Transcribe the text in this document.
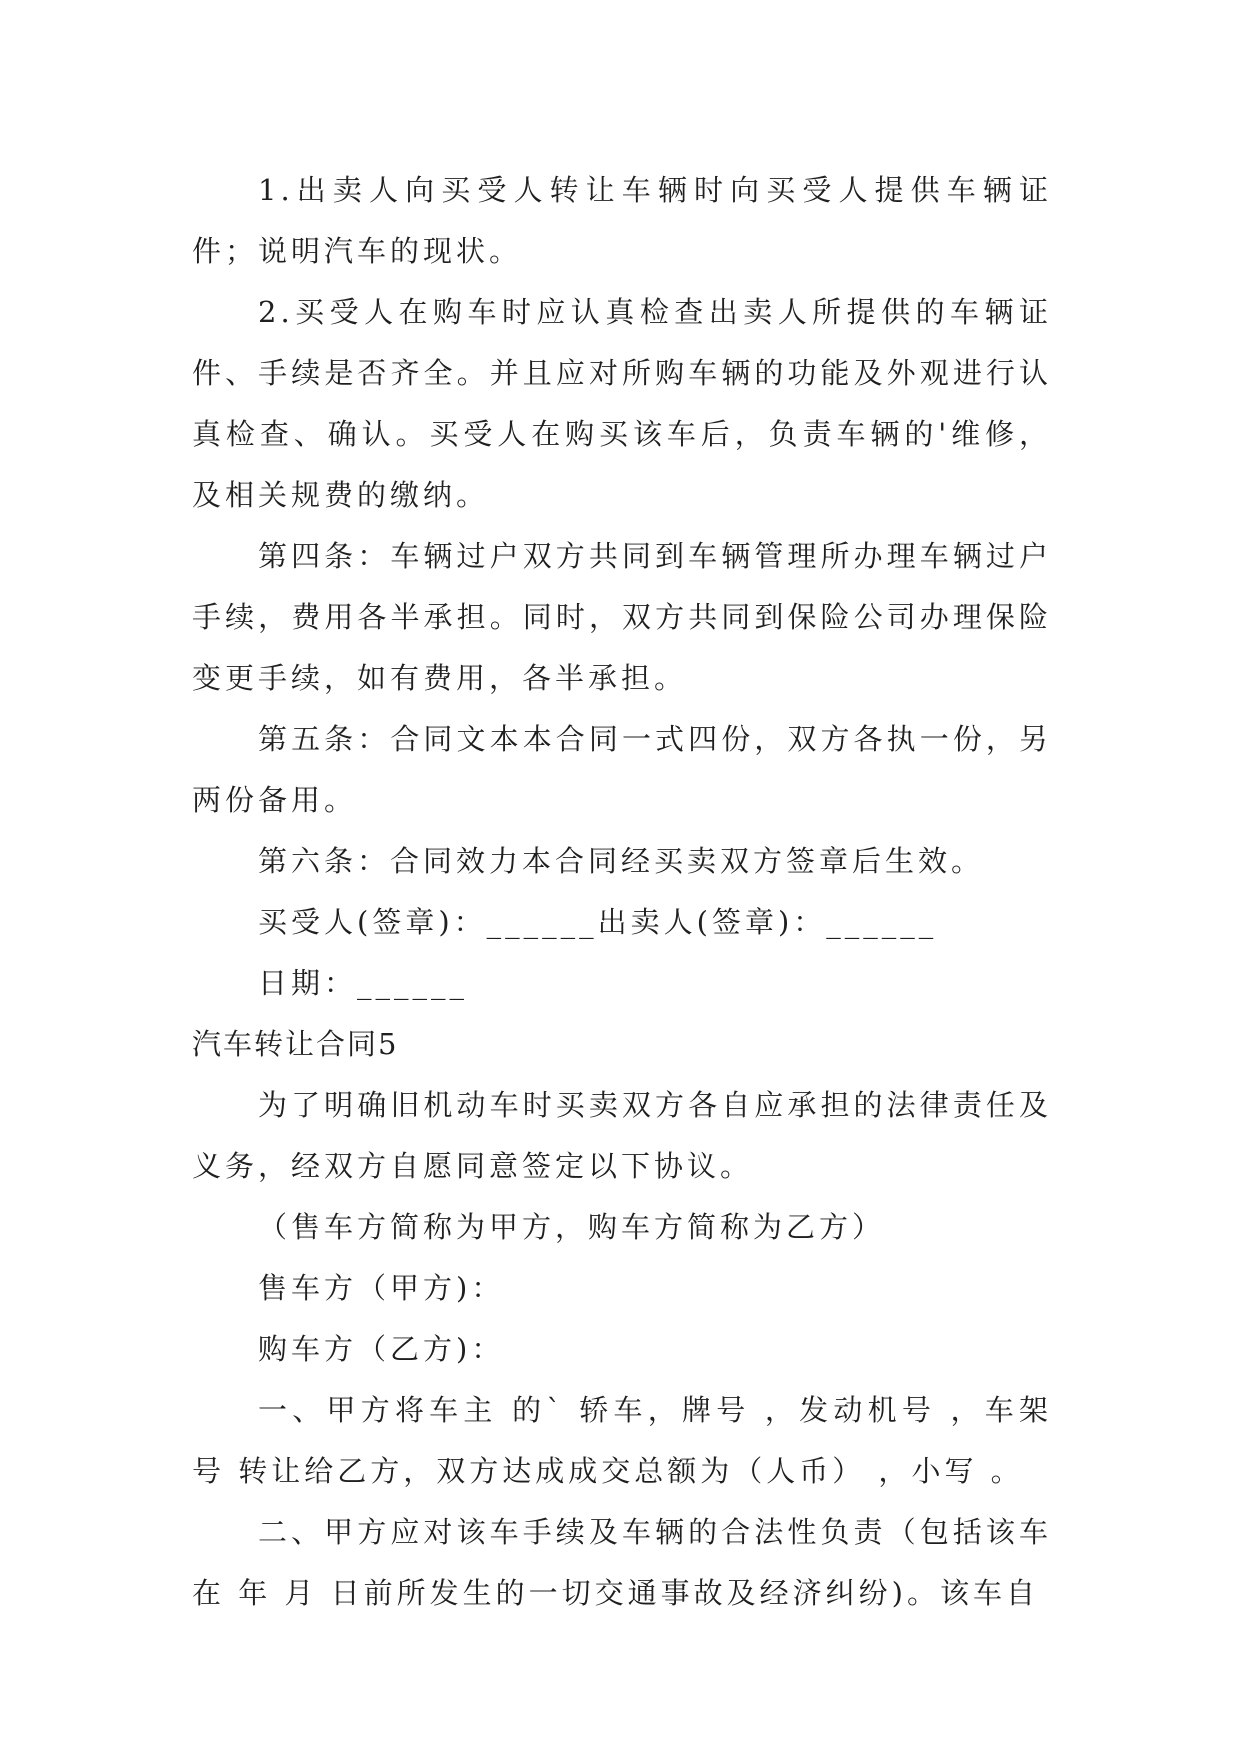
1.出卖人向买受人转让车辆时向买受人提供车辆证件；说明汽车的现状。

2.买受人在购车时应认真检查出卖人所提供的车辆证件、手续是否齐全。并且应对所购车辆的功能及外观进行认真检查、确认。买受人在购买该车后，负责车辆的'维修，及相关规费的缴纳。

第四条：车辆过户双方共同到车辆管理所办理车辆过户手续，费用各半承担。同时，双方共同到保险公司办理保险变更手续，如有费用，各半承担。

第五条：合同文本本合同一式四份，双方各执一份，另两份备用。

第六条：合同效力本合同经买卖双方签章后生效。

买受人(签章)：______出卖人(签章)：______

日期：______

汽车转让合同5

为了明确旧机动车时买卖双方各自应承担的法律责任及义务，经双方自愿同意签定以下协议。

（售车方简称为甲方，购车方简称为乙方）

售车方（甲方)：

购车方（乙方)：

一、甲方将车主 的` 轿车，牌号 ，发动机号 ，车架号 转让给乙方，双方达成成交总额为（人币） ，小写 。

二、甲方应对该车手续及车辆的合法性负责（包括该车在 年 月 日前所发生的一切交通事故及经济纠纷)。该车自
